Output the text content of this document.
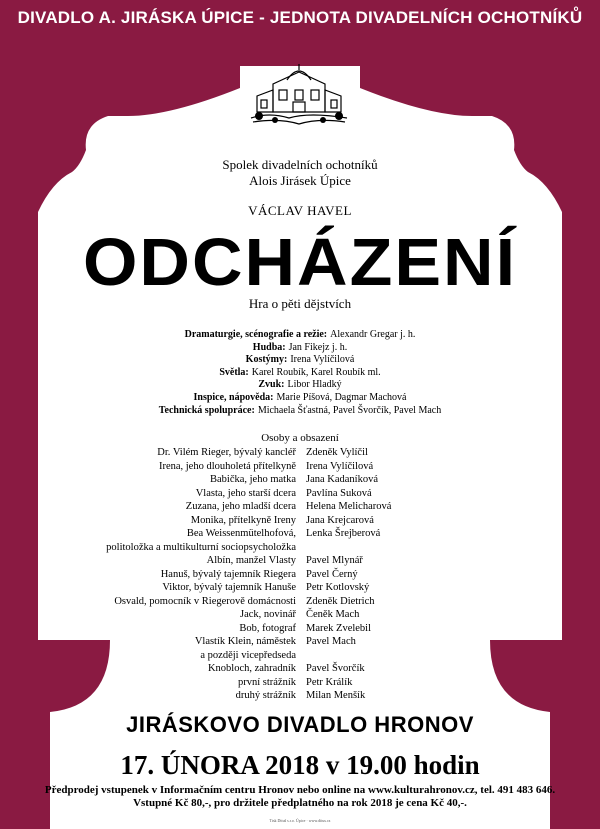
DIVADLO A. JIRÁSKA ÚPICE - JEDNOTA DIVADELNÍCH OCHOTNÍKŮ
Spolek divadelních ochotníků
Alois Jirásek Úpice
VÁCLAV HAVEL
ODCHÁZENÍ
Hra o pěti dějstvích
Dramaturgie, scénografie a režie: Alexandr Gregar j. h.
Hudba: Jan Fikejz j. h.
Kostýmy: Irena Vylíčilová
Světla: Karel Roubík, Karel Roubík ml.
Zvuk: Libor Hladký
Inspice, nápověda: Marie Píšová, Dagmar Machová
Technická spolupráce: Michaela Šťastná, Pavel Švorčík, Pavel Mach
Osoby a obsazení
Dr. Vilém Rieger, bývalý kancléř Zdeněk Vylíčil
Irena, jeho dlouholetá přítelkyně Irena Vylíčilová
Babička, jeho matka Jana Kadaníková
Vlasta, jeho starší dcera Pavlína Suková
Zuzana, jeho mladší dcera Helena Melicharová
Monika, přítelkyně Ireny Jana Krejcarová
Bea Weissenmütelhofová, Lenka Šrejberová
politoložka a multikulturní sociopsycholožka
Albín, manžel Vlasty Pavel Mlynář
Hanuš, bývalý tajemník Riegera Pavel Černý
Viktor, bývalý tajemník Hanuše Petr Kotlovský
Osvald, pomocník v Riegerově domácnosti Zdeněk Dietrich
Jack, novinář Čeněk Mach
Bob, fotograf Marek Zvelebil
Vlastík Klein, náměstek Pavel Mach
a později vicepředseda
Knobloch, zahradník Pavel Švorčík
první strážník Petr Králík
druhý strážník Milan Menšík
JIRÁSKOVO DIVADLO HRONOV
17. ÚNORA 2018 v 19.00 hodin
Předprodej vstupenek v Informačním centru Hronov nebo online na www.kulturahronov.cz, tel. 491 483 646.
Vstupné Kč 80,-, pro držitele předplatného na rok 2018 je cena Kč 40,-.
Tisk Dituš s.r.o. Úpice · www.ditus.cz
